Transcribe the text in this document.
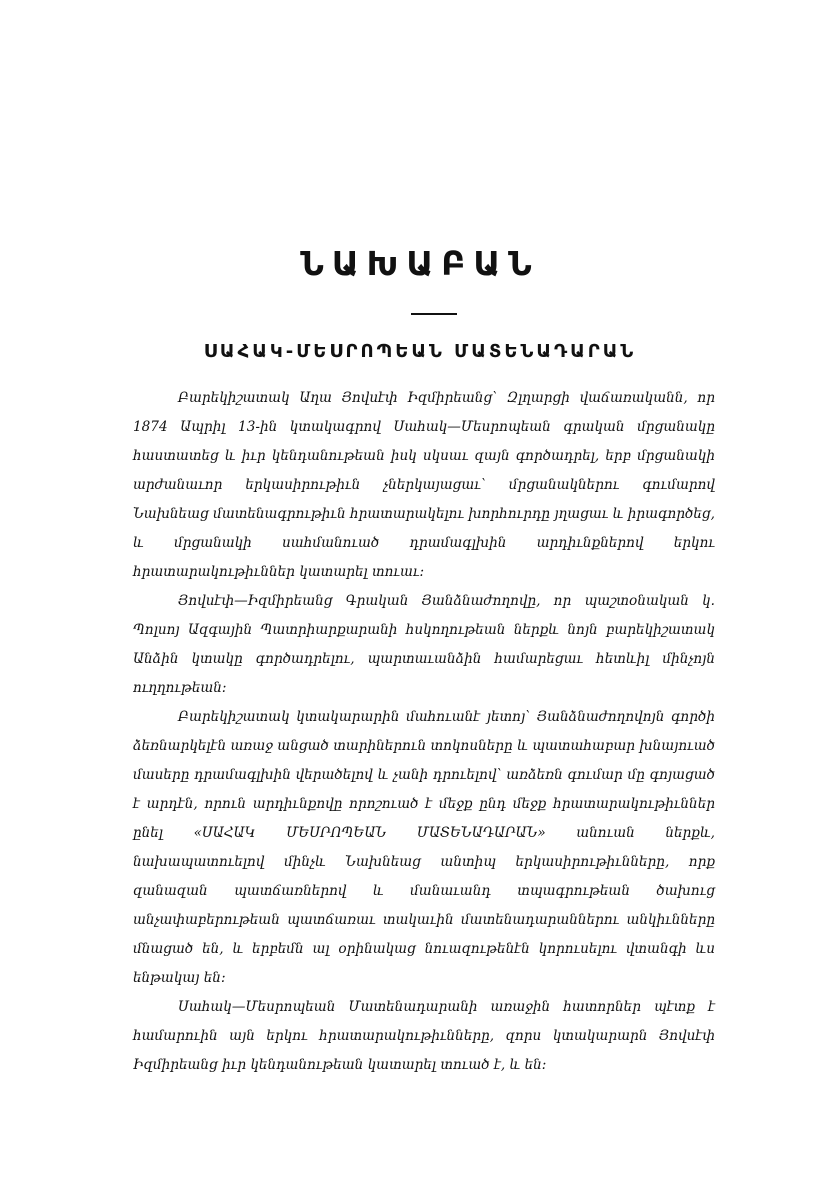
ՆԱԽԱԲԱՆ
ՍԱՀԱԿ-ՄԵՍՐՈՊԵԱՆ ՄԱՏԵՆԱԴԱՐԱՆ

Բարեկիշատակ Աղա Յովսէփ Իզմիրեանց՝ Զլղարցի վաճառականն, որ 1874 Ապրիլ 13-ին կտակագրով Սահակ—Մեսրոպեան գրական մրցանակը հաստատեց և իւր կենդանութեան իսկ սկսաւ զայն գործադրել, երբ մրցանակի արժանաւոր երկասիրութիւն չներկայացաւ՝ մրցանակներու գումարով Նախնեաց մատենագրութիւն հրատարակելու խորհուրդը յղացաւ և իրագործեց, և մրցանակի սահմանուած դրամագլխին արդիւնքներով երկու հրատարակութիւններ կատարել տուաւ։

Յովսէփ—Իզմիրեանց Գրական Յանձնաժողովը, որ պաշտօնական կ. Պոլսոյ Ազգային Պատրիարքարանի հսկողութեան ներքև նոյն բարեկիշատակ Անձին կտակը գործադրելու, պարտաւանձին համարեցաւ հետևիլ մինչոյն ուղղութեան։

Բարեկիշատակ կտակարարին մահուանէ յետոյ՝ Յանձնաժողովոյն գործի ձեռնարկելէն առաջ անցած տարիներուն տոկոսները և պատահաբար խնայուած մասերը դրամագլխին վերածելով և չանի դրուելով՝ առձեռն գումար մը գոյացած է արդէն, որուն արդիւնքովը որոշուած է մեջք ընդ մեջք հրատարակութիւններ ընել «ՍԱՀԱԿ ՄԵՍՐՈՊԵԱՆ ՄԱՏԵՆԱԴԱՐԱՆ» անուան ներքև, նախապատուելով մինչև Նախնեաց անտիպ երկասիրութիւնները, որք զանազան պատճառներով և մանաւանդ տպագրութեան ծախուց անչափաբերութեան պատճառաւ տակաւին մատենադարաններու անկիւնները մնացած են, և երբեմն ալ օրինակաց նուազութենէն կորուսելու վտանգի ևս ենթակայ են։

Սահակ—Մեսրոպեան Մատենադարանի առաջին հատորներ պէտք է համարուին այն երկու հրատարակութիւնները, զորս կտակարարն Յովսէփ Իզմիրեանց իւր կենդանութեան կատարել տուած է, և են։
